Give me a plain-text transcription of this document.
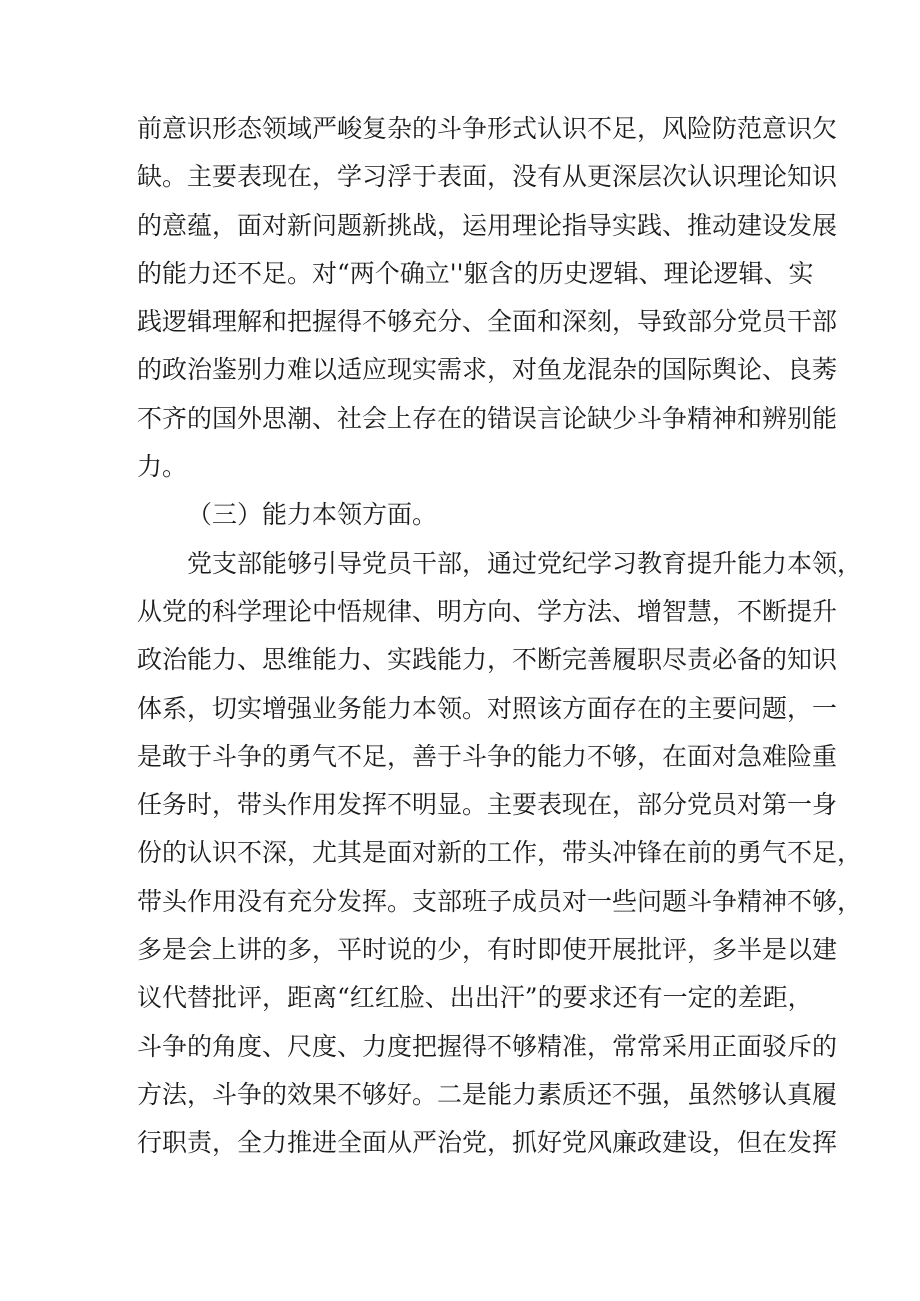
前意识形态领域严峻复杂的斗争形式认识不足，风险防范意识欠
缺。主要表现在，学习浮于表面，没有从更深层次认识理论知识
的意蕴，面对新问题新挑战，运用理论指导实践、推动建设发展
的能力还不足。对“两个确立''躯含的历史逻辑、理论逻辑、实
践逻辑理解和把握得不够充分、全面和深刻，导致部分党员干部
的政治鉴别力难以适应现实需求，对鱼龙混杂的国际舆论、良莠
不齐的国外思潮、社会上存在的错误言论缺少斗争精神和辨别能
力。
（三）能力本领方面。
党支部能够引导党员干部，通过党纪学习教育提升能力本领，
从党的科学理论中悟规律、明方向、学方法、增智慧，不断提升
政治能力、思维能力、实践能力，不断完善履职尽责必备的知识
体系，切实增强业务能力本领。对照该方面存在的主要问题，一
是敢于斗争的勇气不足，善于斗争的能力不够，在面对急难险重
任务时，带头作用发挥不明显。主要表现在，部分党员对第一身
份的认识不深，尤其是面对新的工作，带头冲锋在前的勇气不足，
带头作用没有充分发挥。支部班子成员对一些问题斗争精神不够，
多是会上讲的多，平时说的少，有时即使开展批评，多半是以建
议代替批评，距离“红红脸、出出汗”的要求还有一定的差距，
斗争的角度、尺度、力度把握得不够精准，常常采用正面驳斥的
方法，斗争的效果不够好。二是能力素质还不强，虽然够认真履
行职责，全力推进全面从严治党，抓好党风廉政建设，但在发挥
